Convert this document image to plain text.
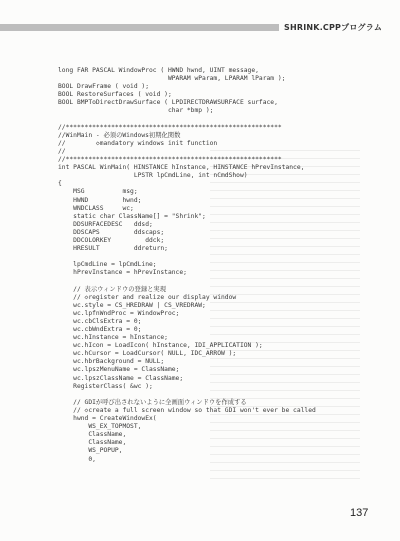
SHRINK.CPPプログラム
long FAR PASCAL WindowProc ( HWND hwnd, UINT message,
WPARAM wParam, LPARAM lParam );
BOOL DrawFrame ( void );
BOOL RestoreSurfaces ( void );
BOOL BMPToDirectDrawSurface ( LPDIRECTDRAWSURFACE surface,
char *bmp );
//*********************************************************
//WinMain - 必須のWindows初期化関数
//        ◇mandatory windows init function
//
//*********************************************************
int PASCAL WinMain( HINSTANCE hInstance, HINSTANCE hPrevInstance,
LPSTR lpCmdLine, int nCmdShow)
{
MSG          msg;
HWND         hwnd;
WNDCLASS     wc;
static char ClassName[] = "Shrink";
DDSURFACEDESC   ddsd;
DDSCAPS         ddscaps;
DDCOLORKEY         ddck;
HRESULT         ddreturn;
lpCmdLine = lpCmdLine;
hPrevInstance = hPrevInstance;
// 表示ウィンドウの登録と実現
// ◇register and realize our display window
wc.style = CS_HREDRAW | CS_VREDRAW;
wc.lpfnWndProc = WindowProc;
wc.cbClsExtra = 0;
wc.cbWndExtra = 0;
wc.hInstance = hInstance;
wc.hIcon = LoadIcon( hInstance, IDI_APPLICATION );
wc.hCursor = LoadCursor( NULL, IDC_ARROW );
wc.hbrBackground = NULL;
wc.lpszMenuName = ClassName;
wc.lpszClassName = ClassName;
RegisterClass( &wc );
// GDIが呼び出されないように全画面ウィンドウを作成する
// ◇create a full screen window so that GDI won't ever be called
hwnd = CreateWindowEx(
WS_EX_TOPMOST,
ClassName,
ClassName,
WS_POPUP,
0,
137
